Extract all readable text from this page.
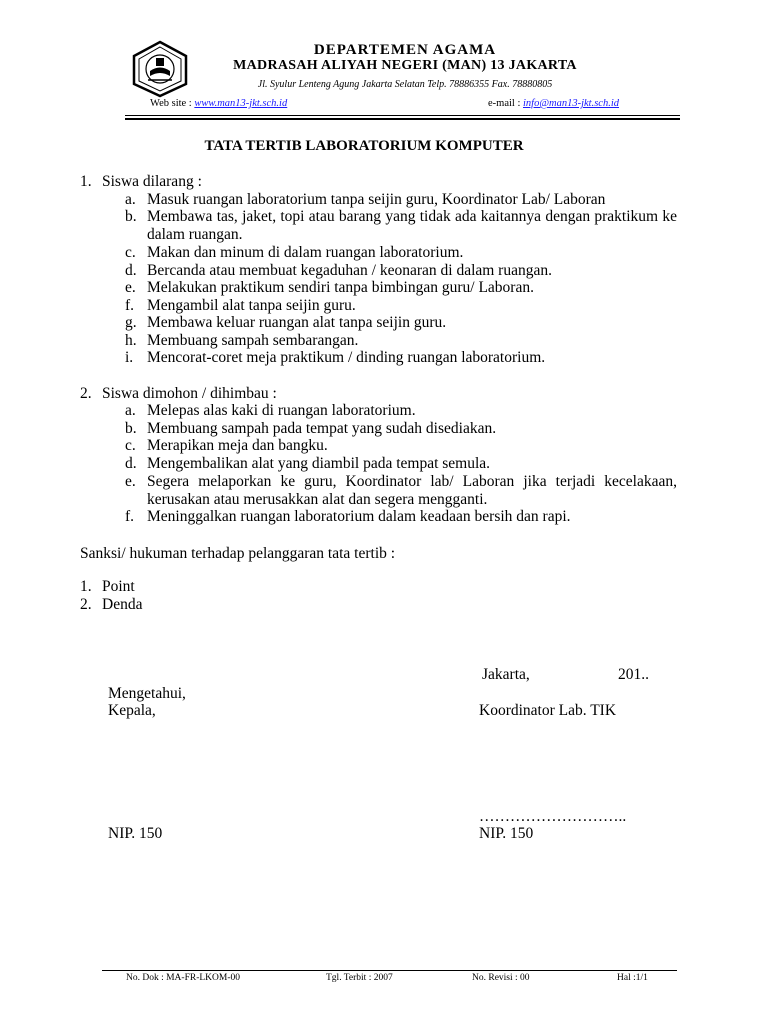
DEPARTEMEN AGAMA
MADRASAH ALIYAH NEGERI (MAN) 13 JAKARTA
Jl. Syulur Lenteng Agung Jakarta Selatan Telp. 78886355 Fax. 78880805
Web site : www.man13-jkt.sch.id	e-mail : info@man13-jkt.sch.id
TATA TERTIB LABORATORIUM KOMPUTER
1. Siswa dilarang :
a. Masuk ruangan laboratorium tanpa seijin guru, Koordinator Lab/ Laboran
b. Membawa tas, jaket, topi atau barang yang tidak ada kaitannya dengan praktikum ke dalam ruangan.
c. Makan dan minum di dalam ruangan laboratorium.
d. Bercanda atau membuat kegaduhan / keonaran di dalam ruangan.
e. Melakukan praktikum sendiri tanpa bimbingan guru/ Laboran.
f. Mengambil alat tanpa seijin guru.
g. Membawa keluar ruangan alat tanpa seijin guru.
h. Membuang sampah sembarangan.
i. Mencorat-coret meja praktikum / dinding ruangan laboratorium.
2. Siswa dimohon / dihimbau :
a. Melepas alas kaki di ruangan laboratorium.
b. Membuang sampah pada tempat yang sudah disediakan.
c. Merapikan meja dan bangku.
d. Mengembalikan alat yang diambil pada tempat semula.
e. Segera melaporkan ke guru, Koordinator lab/ Laboran jika terjadi kecelakaan, kerusakan atau merusakkan alat dan segera mengganti.
f. Meninggalkan ruangan laboratorium dalam keadaan bersih dan rapi.
Sanksi/ hukuman terhadap pelanggaran tata tertib :
1. Point
2. Denda
Jakarta,	201..
Mengetahui,
Kepala,	Koordinator Lab. TIK
………………………..
NIP. 150	NIP. 150
No. Dok : MA-FR-LKOM-00	Tgl. Terbit : 2007	No. Revisi : 00	Hal :1/1
